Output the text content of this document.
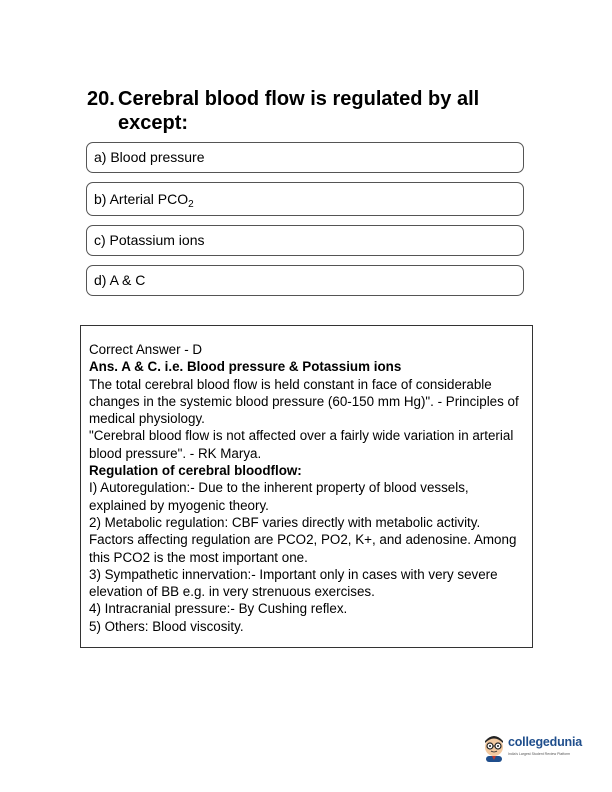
20. Cerebral blood flow is regulated by all except:
a) Blood pressure
b) Arterial $PCO_2$
c) Potassium ions
d) A & C

Correct Answer - D

Ans. A & C. i.e. Blood pressure & Potassium ions

The total cerebral blood flow is held constant in face of considerable changes in the systemic blood pressure (60-150 mm Hg)". - Principles of medical physiology.

"Cerebral blood flow is not affected over a fairly wide variation in arterial blood pressure". - RK Marya.

Regulation of cerebral bloodflow:

I) Autoregulation:- Due to the inherent property of blood vessels, explained by myogenic theory.

2) Metabolic regulation: CBF varies directly with metabolic activity. Factors affecting regulation are PCO2, PO2, K+, and adenosine. Among this PCO2 is the most important one.

3) Sympathetic innervation:- Important only in cases with very severe elevation of BB e.g. in very strenuous exercises.

4) Intracranial pressure:- By Cushing reflex.

5) Others: Blood viscosity.

collegedunia
India's Largest Student Review Platform
